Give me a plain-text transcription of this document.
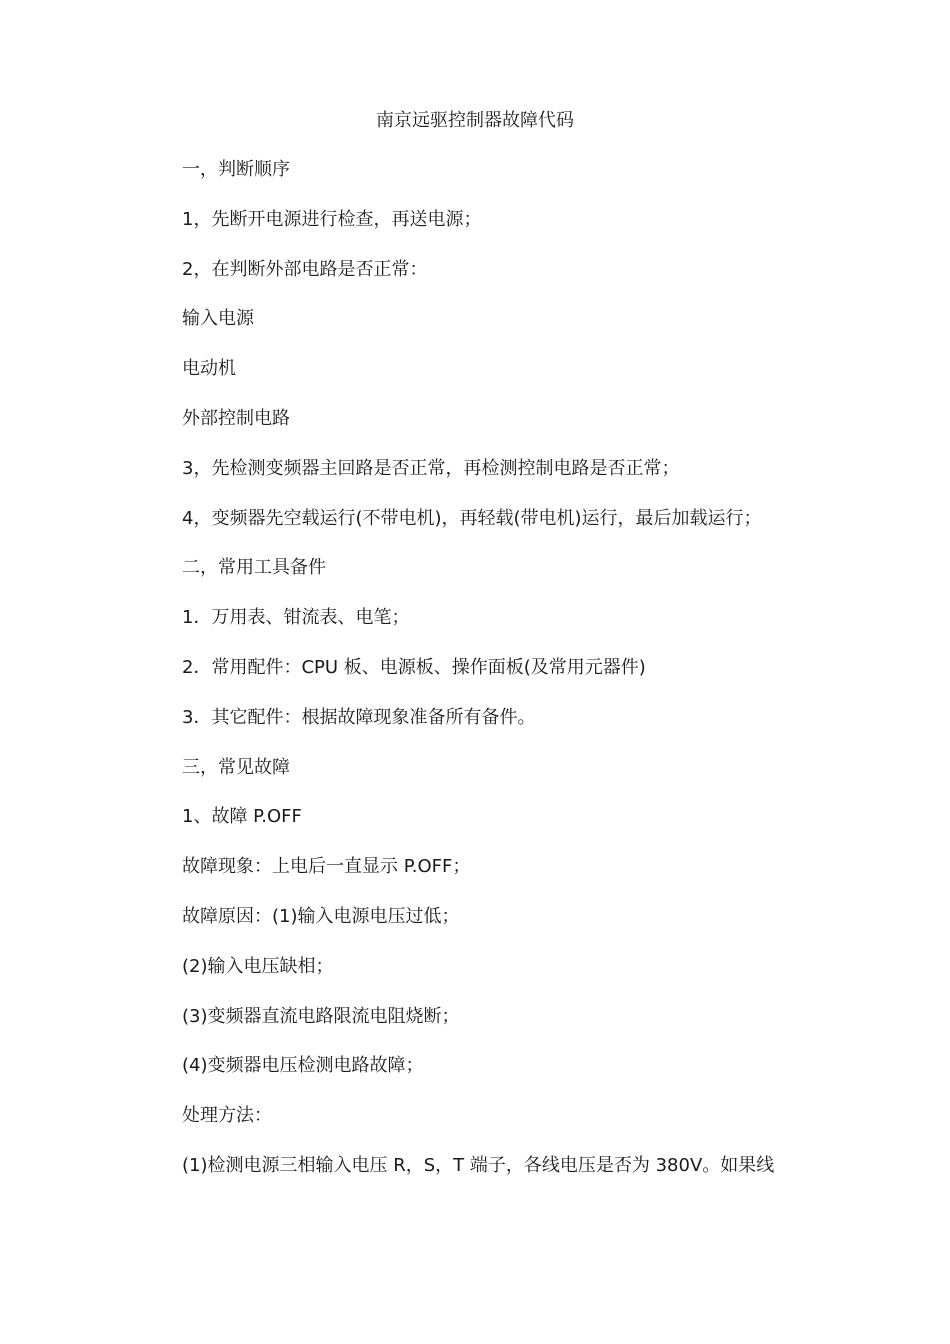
南京远驱控制器故障代码
一，判断顺序
1，先断开电源进行检查，再送电源；
2，在判断外部电路是否正常：
输入电源
电动机
外部控制电路
3，先检测变频器主回路是否正常，再检测控制电路是否正常；
4，变频器先空载运行(不带电机)，再轻载(带电机)运行，最后加载运行；
二，常用工具备件
1．万用表、钳流表、电笔；
2．常用配件：CPU 板、电源板、操作面板(及常用元器件)
3．其它配件：根据故障现象准备所有备件。
三，常见故障
1、故障 P.OFF
故障现象：上电后一直显示 P.OFF；
故障原因：(1)输入电源电压过低；
(2)输入电压缺相；
(3)变频器直流电路限流电阻烧断；
(4)变频器电压检测电路故障；
处理方法：
(1)检测电源三相输入电压 R，S，T 端子，各线电压是否为 380V。如果线
